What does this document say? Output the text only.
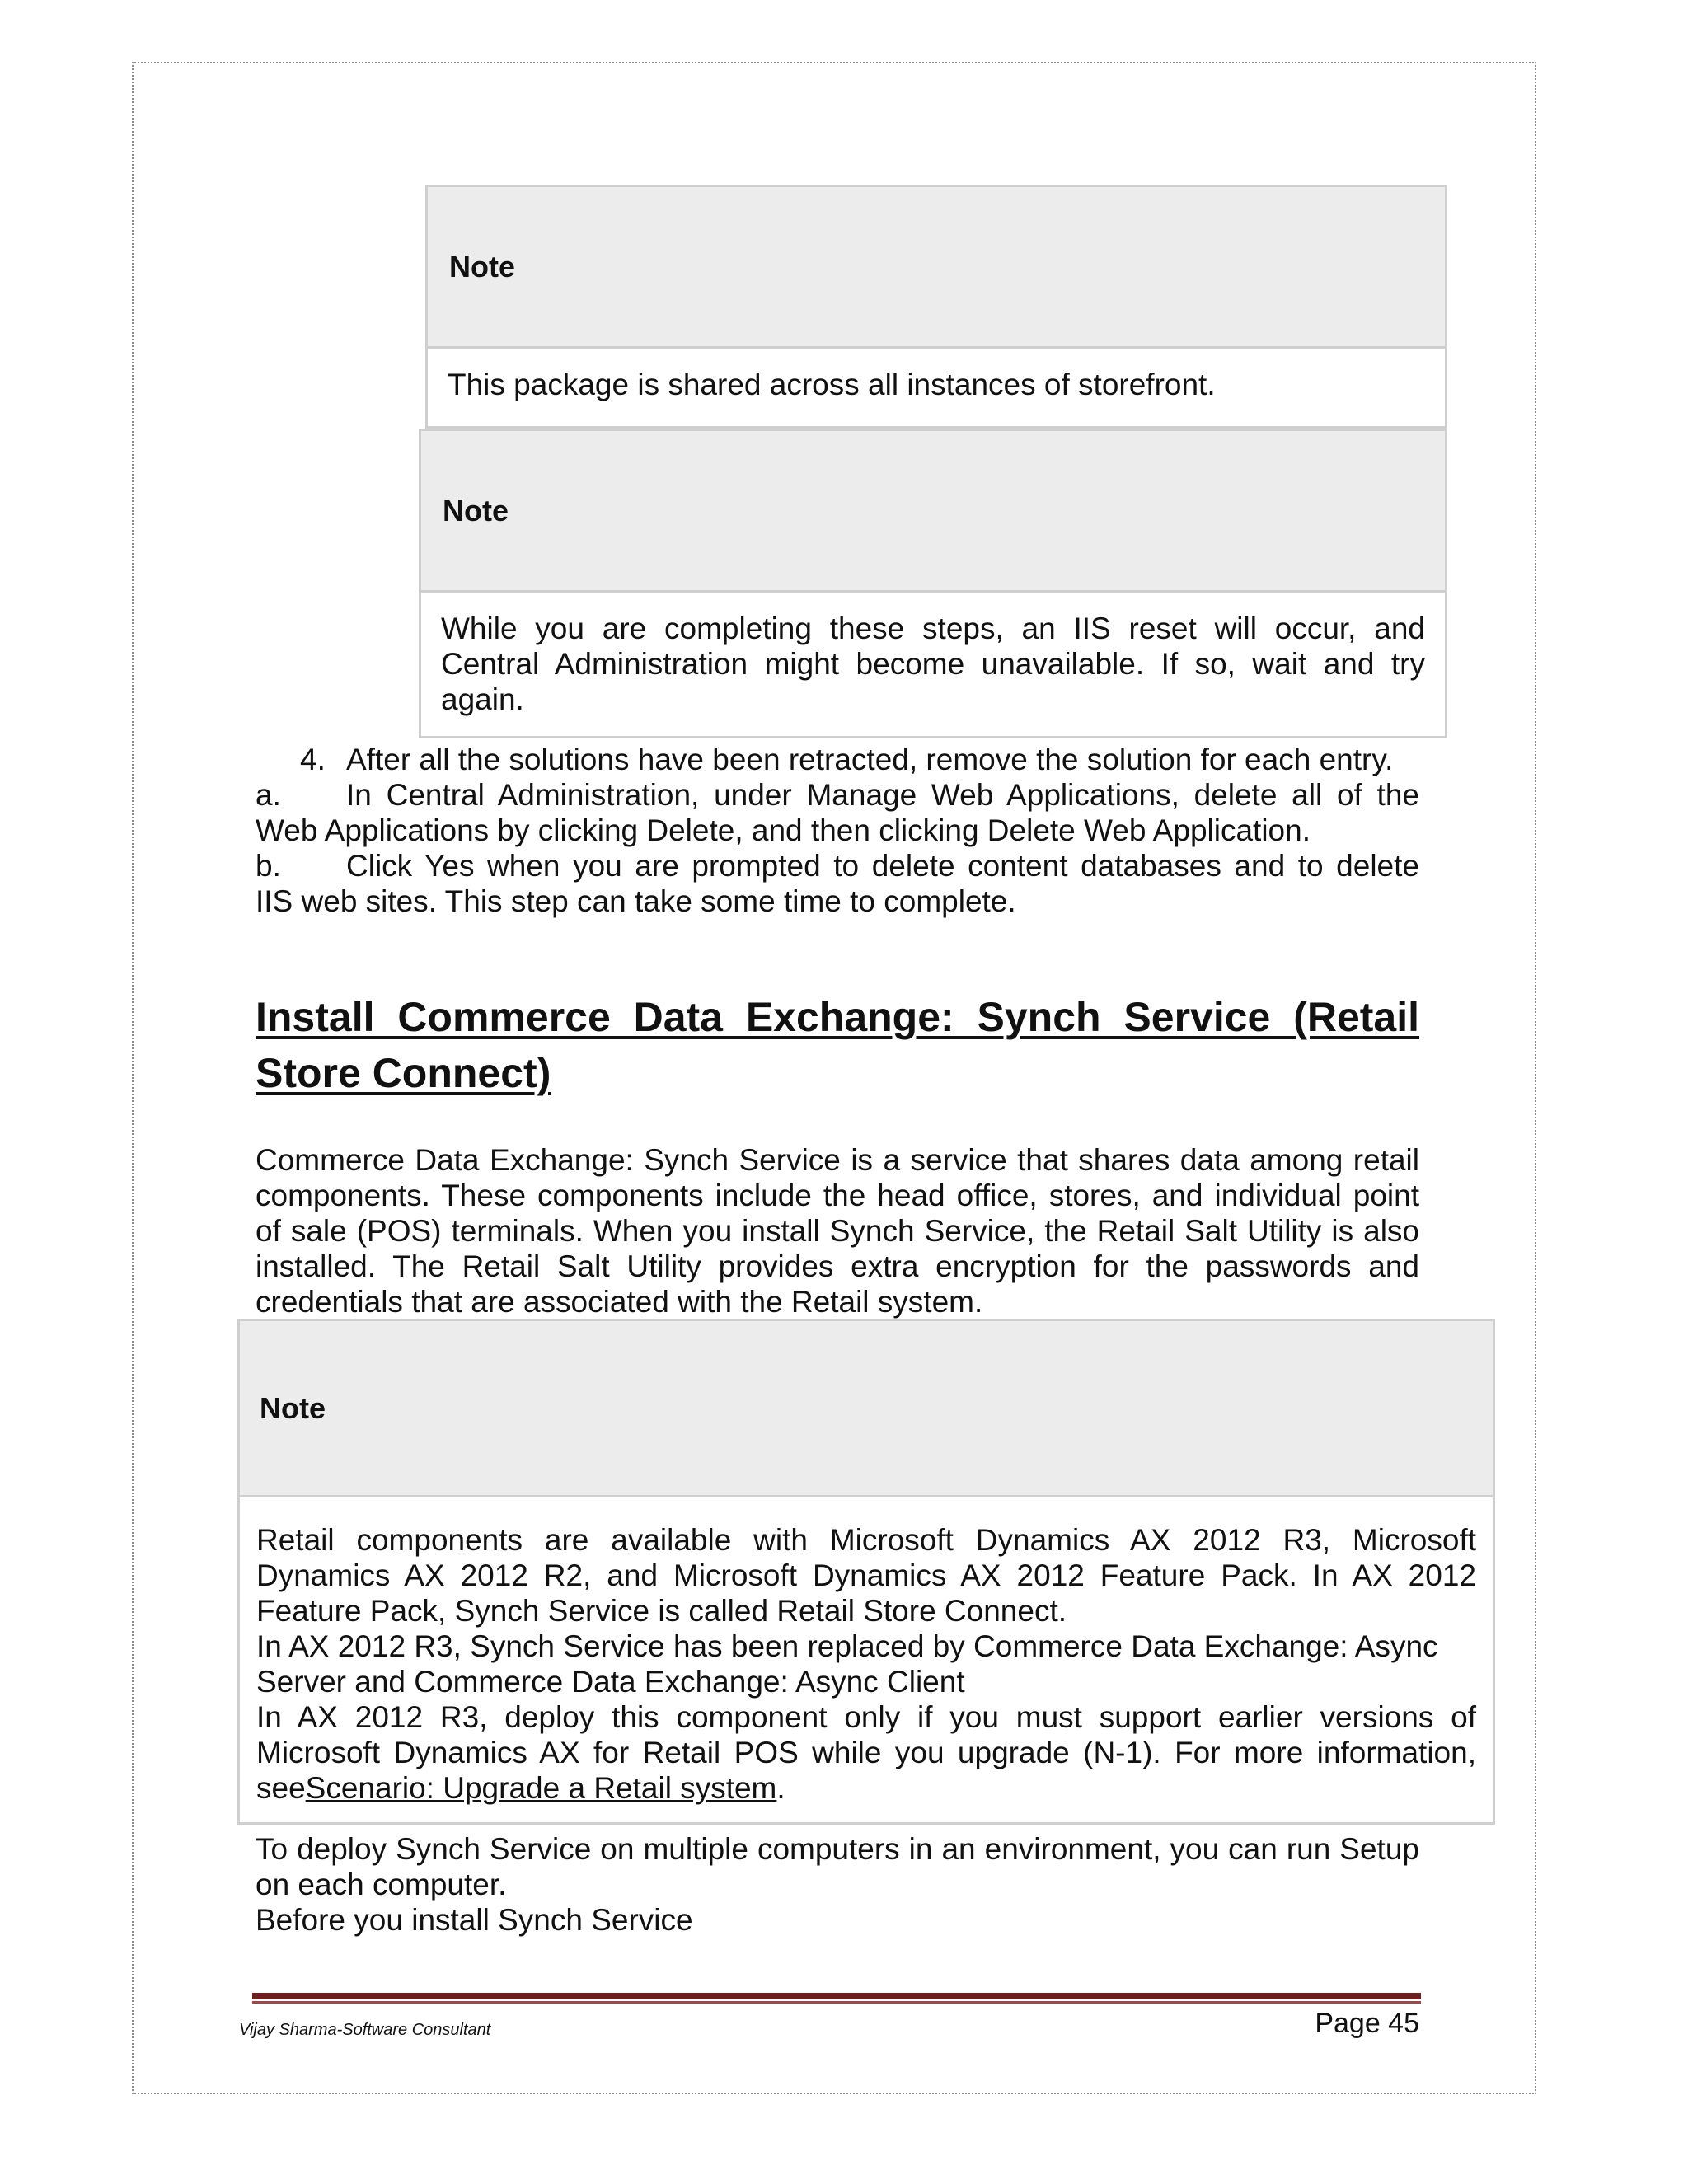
Note
This package is shared across all instances of storefront.
Note
While you are completing these steps, an IIS reset will occur, and Central Administration might become unavailable. If so, wait and try again.
4. After all the solutions have been retracted, remove the solution for each entry.
a. In Central Administration, under Manage Web Applications, delete all of the
Web Applications by clicking Delete, and then clicking Delete Web Application.
b. Click Yes when you are prompted to delete content databases and to delete
IIS web sites. This step can take some time to complete.
Install Commerce Data Exchange: Synch Service (Retail Store Connect)
Commerce Data Exchange: Synch Service is a service that shares data among retail components. These components include the head office, stores, and individual point of sale (POS) terminals. When you install Synch Service, the Retail Salt Utility is also installed. The Retail Salt Utility provides extra encryption for the passwords and credentials that are associated with the Retail system.
Note
Retail components are available with Microsoft Dynamics AX 2012 R3, Microsoft Dynamics AX 2012 R2, and Microsoft Dynamics AX 2012 Feature Pack. In AX 2012 Feature Pack, Synch Service is called Retail Store Connect.
In AX 2012 R3, Synch Service has been replaced by Commerce Data Exchange: Async Server and Commerce Data Exchange: Async Client
In AX 2012 R3, deploy this component only if you must support earlier versions of Microsoft Dynamics AX for Retail POS while you upgrade (N-1). For more information, seeScenario: Upgrade a Retail system.
To deploy Synch Service on multiple computers in an environment, you can run Setup on each computer.
Before you install Synch Service
Vijay Sharma-Software Consultant	Page 45
